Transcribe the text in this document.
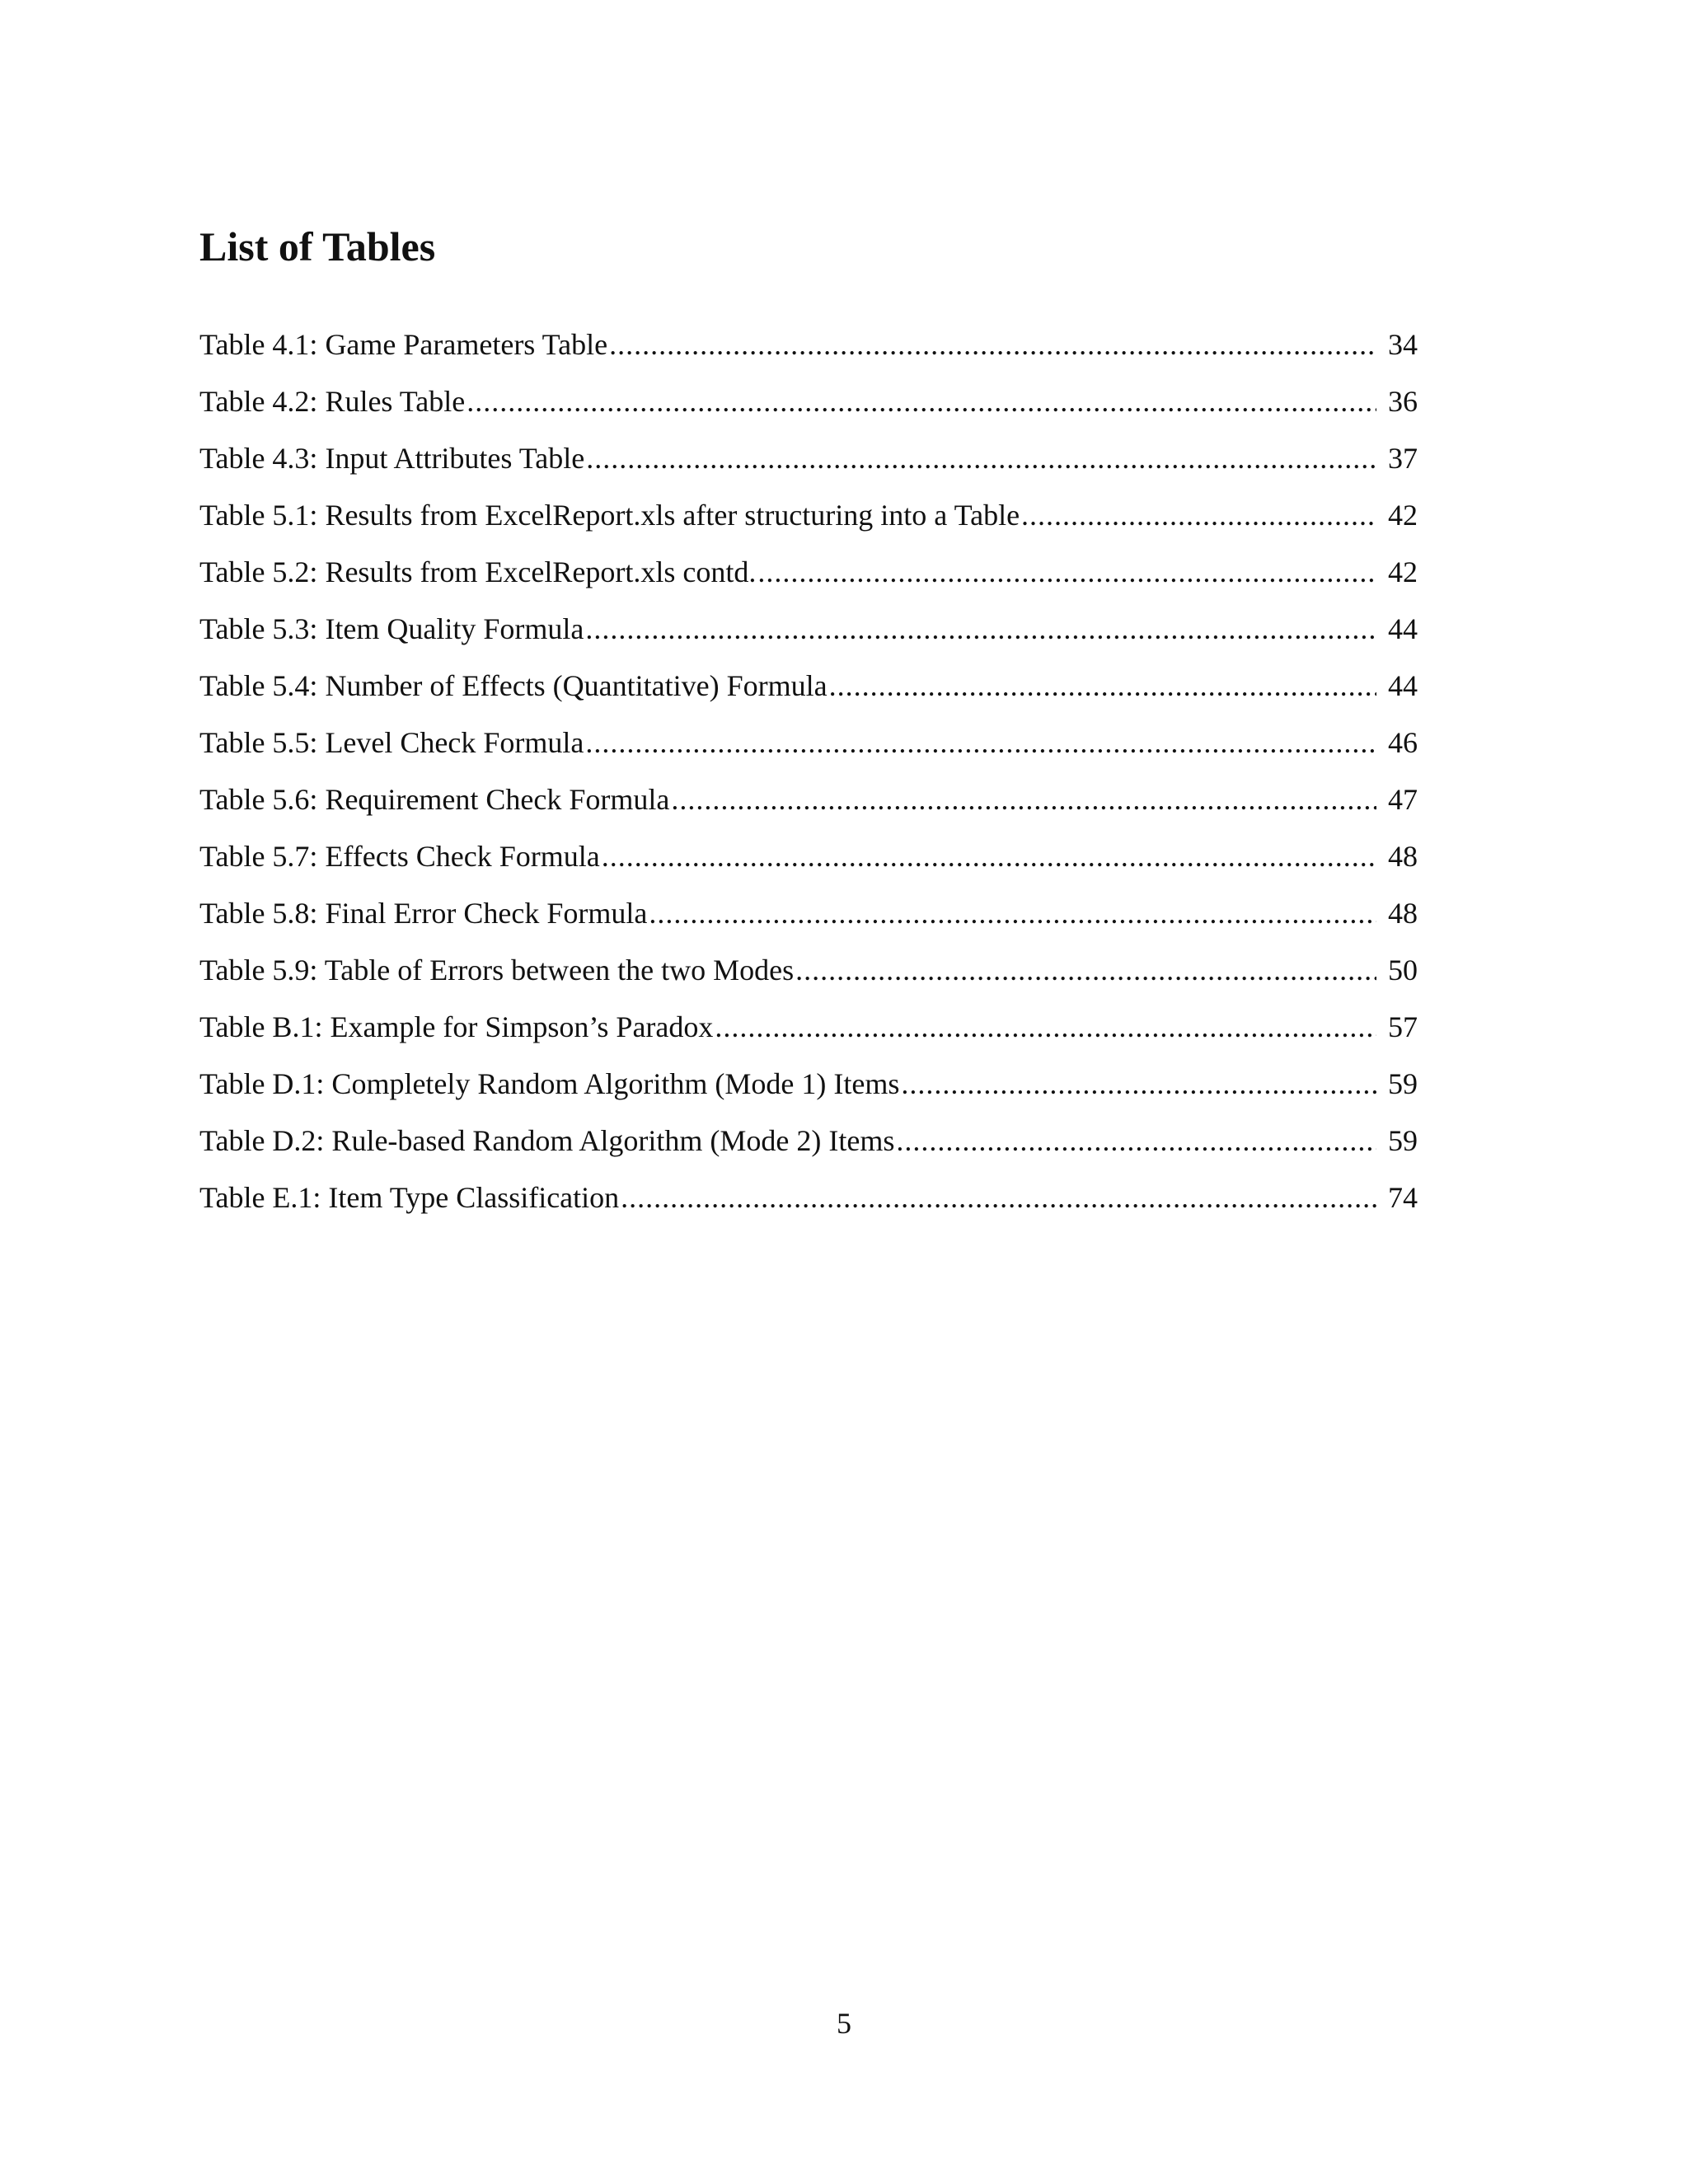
List of Tables
Table 4.1: Game Parameters Table .....	34
Table 4.2: Rules Table .....	36
Table 4.3: Input Attributes Table .....	37
Table 5.1: Results from ExcelReport.xls after structuring into a Table .....	42
Table 5.2: Results from ExcelReport.xls contd. .....	42
Table 5.3: Item Quality Formula .....	44
Table 5.4: Number of Effects (Quantitative) Formula .....	44
Table 5.5: Level Check Formula .....	46
Table 5.6: Requirement Check Formula .....	47
Table 5.7: Effects Check Formula .....	48
Table 5.8: Final Error Check Formula .....	48
Table 5.9: Table of Errors between the two Modes .....	50
Table B.1: Example for Simpson’s Paradox .....	57
Table D.1: Completely Random Algorithm (Mode 1) Items .....	59
Table D.2: Rule-based Random Algorithm (Mode 2) Items .....	59
Table E.1: Item Type Classification .....	74
5
